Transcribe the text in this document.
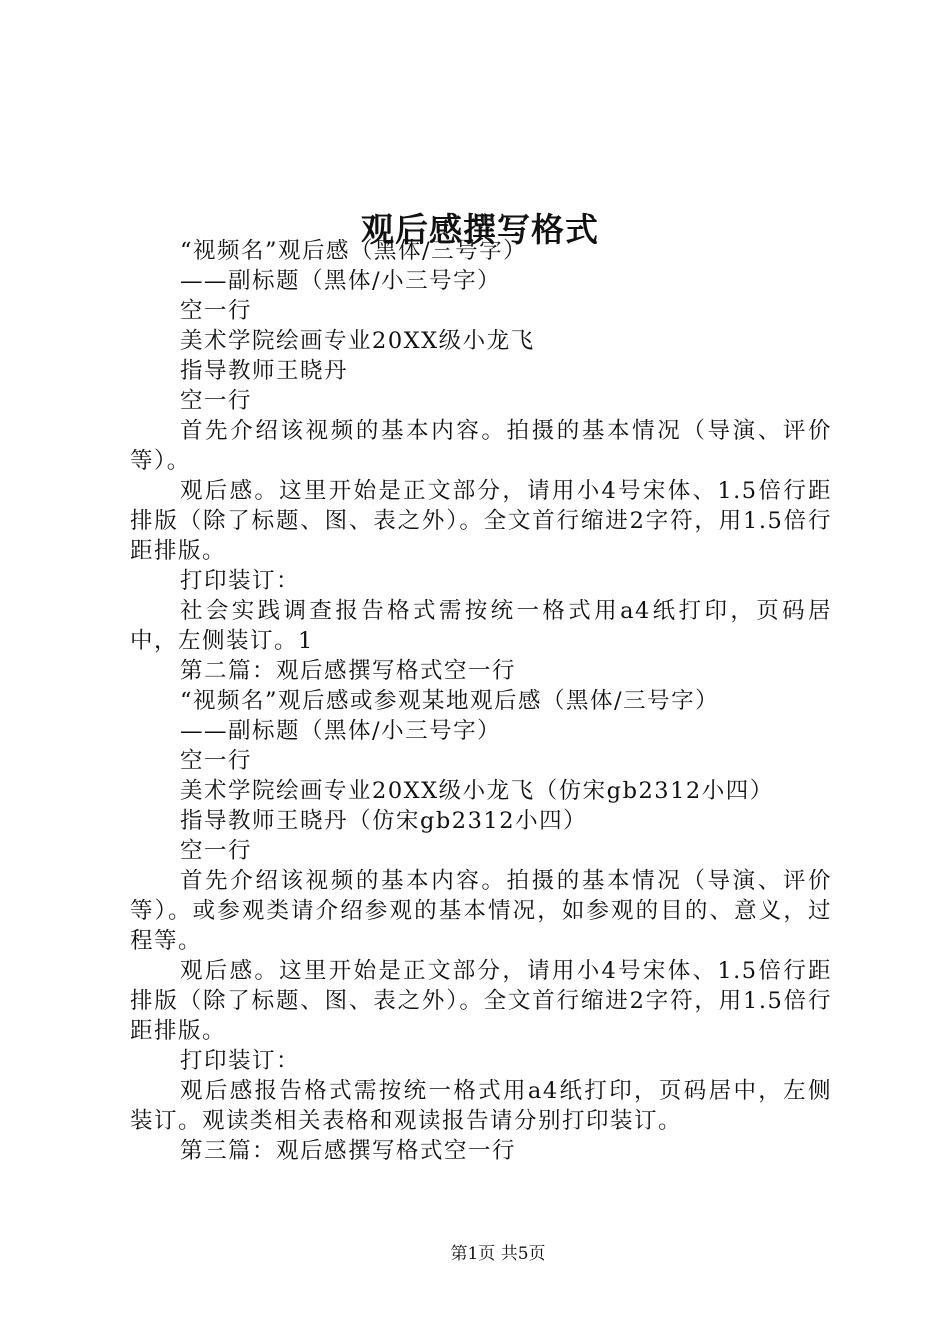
观后感撰写格式

“视频名”观后感（黑体/三号字）

——副标题（黑体/小三号字）

空一行

美术学院绘画专业20XX级小龙飞

指导教师王晓丹

空一行

首先介绍该视频的基本内容。拍摄的基本情况（导演、评价等）。

观后感。这里开始是正文部分，请用小4号宋体、1.5倍行距排版（除了标题、图、表之外）。全文首行缩进2字符，用1.5倍行距排版。

打印装订：

社会实践调查报告格式需按统一格式用a4纸打印，页码居中，左侧装订。1

第二篇：观后感撰写格式空一行

“视频名”观后感或参观某地观后感（黑体/三号字）

——副标题（黑体/小三号字）

空一行

美术学院绘画专业20XX级小龙飞（仿宋gb2312小四）

指导教师王晓丹（仿宋gb2312小四）

空一行

首先介绍该视频的基本内容。拍摄的基本情况（导演、评价等）。或参观类请介绍参观的基本情况，如参观的目的、意义，过程等。

观后感。这里开始是正文部分，请用小4号宋体、1.5倍行距排版（除了标题、图、表之外）。全文首行缩进2字符，用1.5倍行距排版。

打印装订：

观后感报告格式需按统一格式用a4纸打印，页码居中，左侧装订。观读类相关表格和观读报告请分别打印装订。

第三篇：观后感撰写格式空一行

第1页 共5页
